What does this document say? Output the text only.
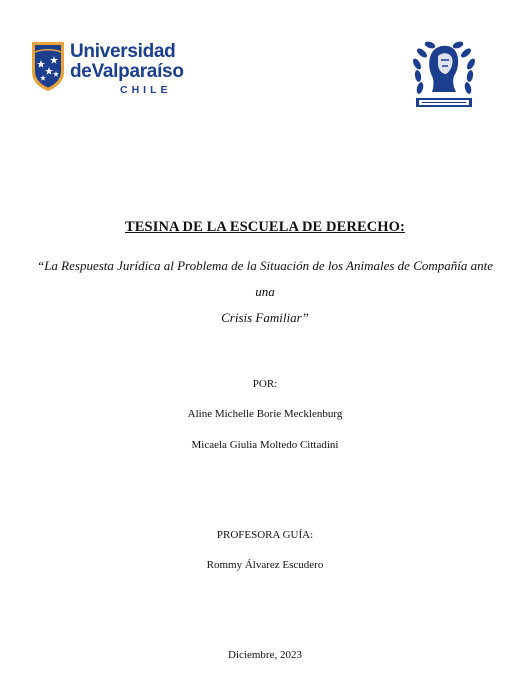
Universidad
deValparaíso
CHILE
TESINA DE LA ESCUELA DE DERECHO:
“La Respuesta Jurídica al Problema de la Situación de los Animales de Compañía ante una
Crisis Familiar”
POR:
Aline Michelle Borie Mecklenburg
Micaela Giulia Moltedo Cittadini
PROFESORA GUÍA:
Rommy Álvarez Escudero
Diciembre, 2023
